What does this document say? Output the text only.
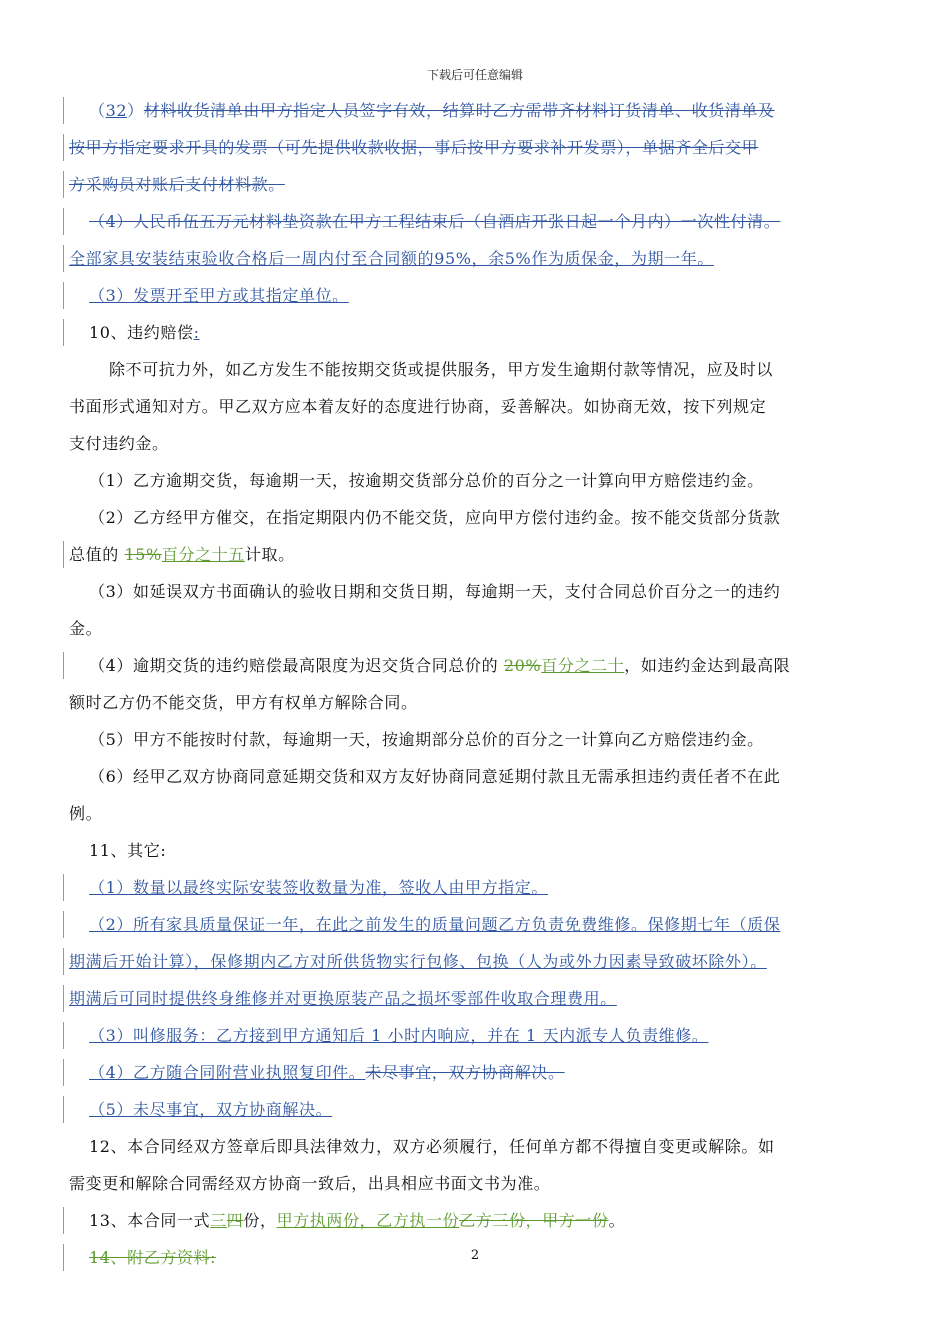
下载后可任意编辑
（32）材料收货清单由甲方指定人员签字有效，结算时乙方需带齐材料订货清单、收货清单及
按甲方指定要求开具的发票（可先提供收款收据，事后按甲方要求补开发票），单据齐全后交甲
方采购员对账后支付材料款。
（4）人民币伍五万元材料垫资款在甲方工程结束后（自酒店开张日起一个月内）一次性付清。
全部家具安装结束验收合格后一周内付至合同额的95%，余5%作为质保金，为期一年。
（3）发票开至甲方或其指定单位。
10、违约赔偿:
除不可抗力外，如乙方发生不能按期交货或提供服务，甲方发生逾期付款等情况，应及时以
书面形式通知对方。甲乙双方应本着友好的态度进行协商，妥善解决。如协商无效，按下列规定
支付违约金。
（1）乙方逾期交货，每逾期一天，按逾期交货部分总价的百分之一计算向甲方赔偿违约金。
（2）乙方经甲方催交，在指定期限内仍不能交货，应向甲方偿付违约金。按不能交货部分货款
总值的 15%百分之十五计取。
（3）如延误双方书面确认的验收日期和交货日期，每逾期一天，支付合同总价百分之一的违约
金。
（4）逾期交货的违约赔偿最高限度为迟交货合同总价的 20%百分之二十，如违约金达到最高限
额时乙方仍不能交货，甲方有权单方解除合同。
（5）甲方不能按时付款，每逾期一天，按逾期部分总价的百分之一计算向乙方赔偿违约金。
（6）经甲乙双方协商同意延期交货和双方友好协商同意延期付款且无需承担违约责任者不在此
例。
11、其它:
（1）数量以最终实际安装签收数量为准，签收人由甲方指定。
（2）所有家具质量保证一年，在此之前发生的质量问题乙方负责免费维修。保修期七年（质保
期满后开始计算），保修期内乙方对所供货物实行包修、包换（人为或外力因素导致破坏除外）。
期满后可同时提供终身维修并对更换原装产品之损坏零部件收取合理费用。
（3）叫修服务：乙方接到甲方通知后 1 小时内响应，并在 1 天内派专人负责维修。
（4）乙方随合同附营业执照复印件。未尽事宜，双方协商解决。
（5）未尽事宜，双方协商解决。
12、本合同经双方签章后即具法律效力，双方必须履行，任何单方都不得擅自变更或解除。如
需变更和解除合同需经双方协商一致后，出具相应书面文书为准。
13、本合同一式三四份，甲方执两份，乙方执一份乙方三份，甲方一份。
14、附乙方资料:	2
